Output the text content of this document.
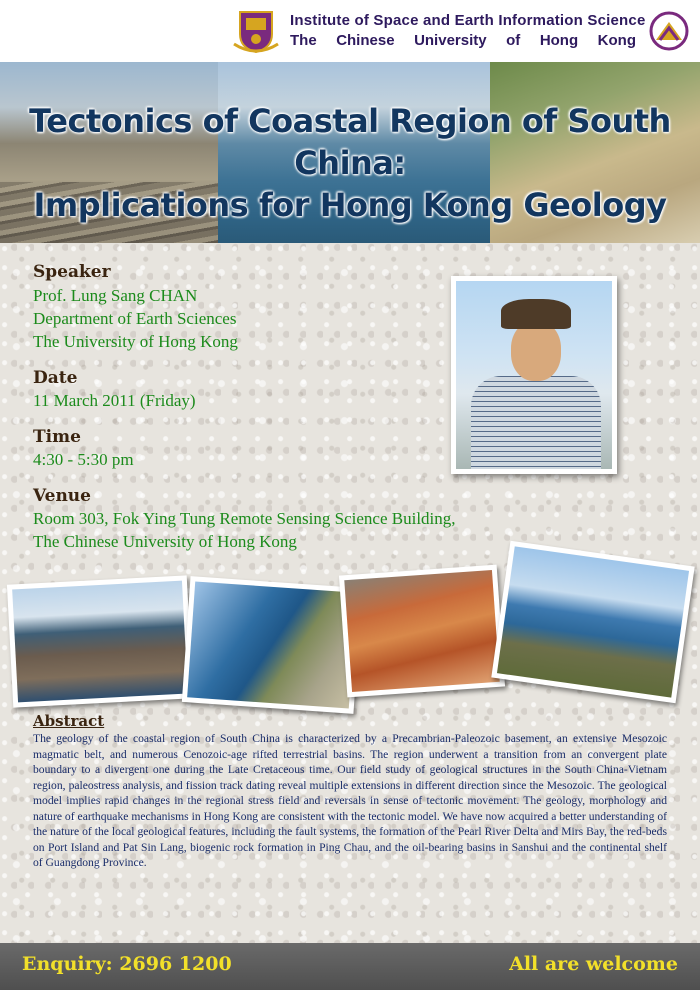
Institute of Space and Earth Information Science
The Chinese University of Hong Kong
Tectonics of Coastal Region of South China:
Implications for Hong Kong Geology
Speaker
Prof. Lung Sang CHAN
Department of Earth Sciences
The University of Hong Kong
Date
11 March 2011 (Friday)
Time
4:30 - 5:30 pm
Venue
Room 303, Fok Ying Tung Remote Sensing Science Building,
The Chinese University of Hong Kong
Abstract
The geology of the coastal region of South China is characterized by a Precambrian-Paleozoic basement, an extensive Mesozoic magmatic belt, and numerous Cenozoic-age rifted terrestrial basins. The region underwent a transition from an convergent plate boundary to a divergent one during the Late Cretaceous time. Our field study of geological structures in the South China-Vietnam region, paleostress analysis, and fission track dating reveal multiple extensions in different direction since the Mesozoic. The geological model implies rapid changes in the regional stress field and reversals in sense of tectonic movement. The geology, morphology and nature of earthquake mechanisms in Hong Kong are consistent with the tectonic model. We have now acquired a better understanding of the nature of the local geological features, including the fault systems, the formation of the Pearl River Delta and Mirs Bay, the red-beds on Port Island and Pat Sin Lang, biogenic rock formation in Ping Chau, and the oil-bearing basins in Sanshui and the continental shelf of Guangdong Province.
Enquiry: 2696 1200	All are welcome
